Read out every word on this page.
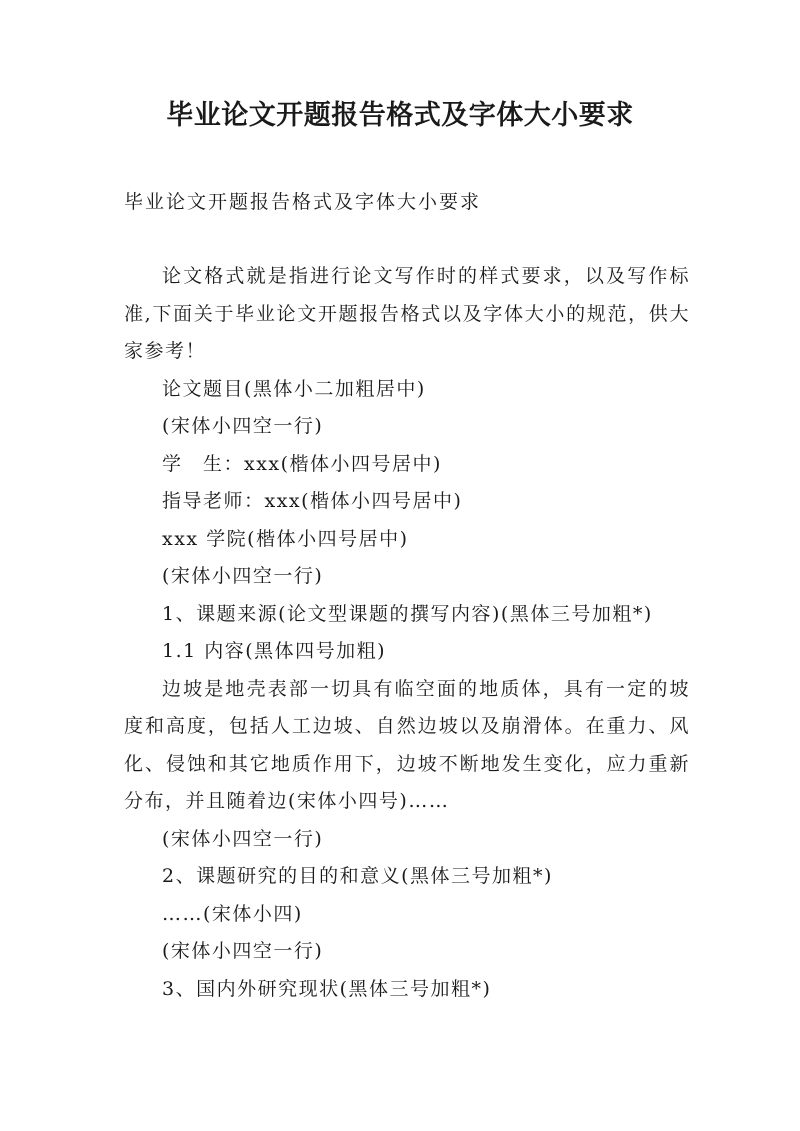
毕业论文开题报告格式及字体大小要求

毕业论文开题报告格式及字体大小要求

论文格式就是指进行论文写作时的样式要求，以及写作标准,下面关于毕业论文开题报告格式以及字体大小的规范，供大家参考！

论文题目(黑体小二加粗居中)

(宋体小四空一行)

学　生：xxx(楷体小四号居中)

指导老师：xxx(楷体小四号居中)

xxx 学院(楷体小四号居中)

(宋体小四空一行)

1、课题来源(论文型课题的撰写内容)(黑体三号加粗*)

1.1 内容(黑体四号加粗)

边坡是地壳表部一切具有临空面的地质体，具有一定的坡度和高度，包括人工边坡、自然边坡以及崩滑体。在重力、风化、侵蚀和其它地质作用下，边坡不断地发生变化，应力重新分布，并且随着边(宋体小四号)……

(宋体小四空一行)

2、课题研究的目的和意义(黑体三号加粗*)

……(宋体小四)

(宋体小四空一行)

3、国内外研究现状(黑体三号加粗*)
